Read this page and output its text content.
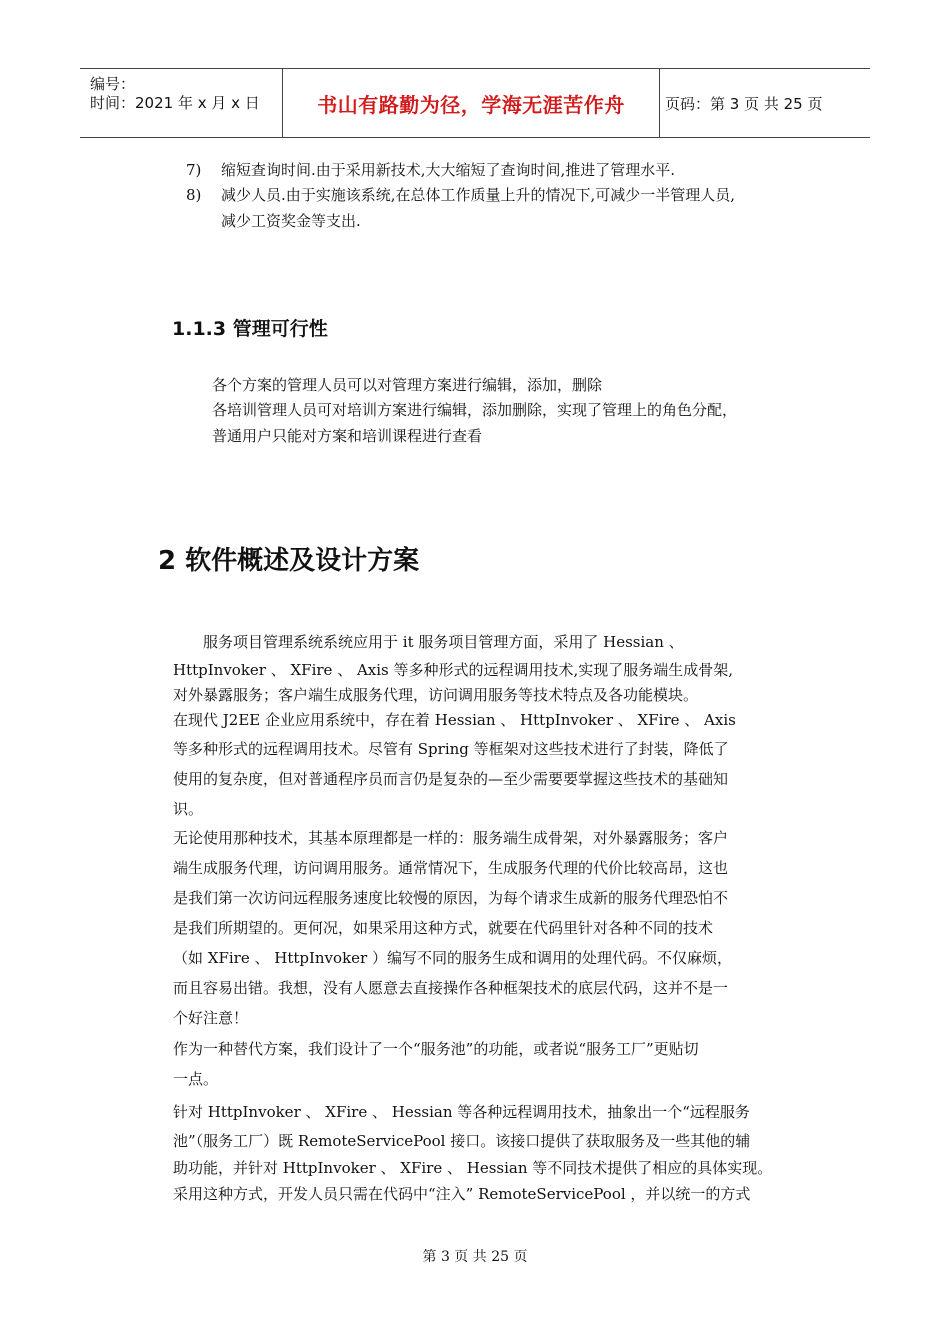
编号：
时间：2021 年 x 月 x 日	书山有路勤为径，学海无涯苦作舟	页码：第 3 页 共 25 页
7)	缩短查询时间.由于采用新技术,大大缩短了查询时间,推进了管理水平.
8)	减少人员.由于实施该系统,在总体工作质量上升的情况下,可减少一半管理人员,
减少工资奖金等支出.
1.1.3 管理可行性
各个方案的管理人员可以对管理方案进行编辑，添加，删除
各培训管理人员可对培训方案进行编辑，添加删除，实现了管理上的角色分配，
普通用户只能对方案和培训课程进行查看
2 软件概述及设计方案
　　服务项目管理系统系统应用于 it 服务项目管理方面，采用了 Hessian 、
HttpInvoker 、 XFire 、 Axis 等多种形式的远程调用技术,实现了服务端生成骨架,
对外暴露服务；客户端生成服务代理，访问调用服务等技术特点及各功能模块。
在现代 J2EE 企业应用系统中，存在着 Hessian 、 HttpInvoker 、 XFire 、 Axis
等多种形式的远程调用技术。尽管有 Spring 等框架对这些技术进行了封装，降低了
使用的复杂度，但对普通程序员而言仍是复杂的—至少需要要掌握这些技术的基础知
识。
无论使用那种技术，其基本原理都是一样的：服务端生成骨架，对外暴露服务；客户
端生成服务代理，访问调用服务。通常情况下，生成服务代理的代价比较高昂，这也
是我们第一次访问远程服务速度比较慢的原因，为每个请求生成新的服务代理恐怕不
是我们所期望的。更何况，如果采用这种方式，就要在代码里针对各种不同的技术
（如 XFire 、 HttpInvoker ）编写不同的服务生成和调用的处理代码。不仅麻烦，
而且容易出错。我想，没有人愿意去直接操作各种框架技术的底层代码，这并不是一
个好注意！
作为一种替代方案，我们设计了一个“服务池”的功能，或者说“服务工厂”更贴切
一点。
针对 HttpInvoker 、 XFire 、 Hessian 等各种远程调用技术，抽象出一个“远程服务
池”（服务工厂）既 RemoteServicePool 接口。该接口提供了获取服务及一些其他的辅
助功能，并针对 HttpInvoker 、 XFire 、 Hessian 等不同技术提供了相应的具体实现。
采用这种方式，开发人员只需在代码中“注入” RemoteServicePool ，并以统一的方式
第 3 页 共 25 页
